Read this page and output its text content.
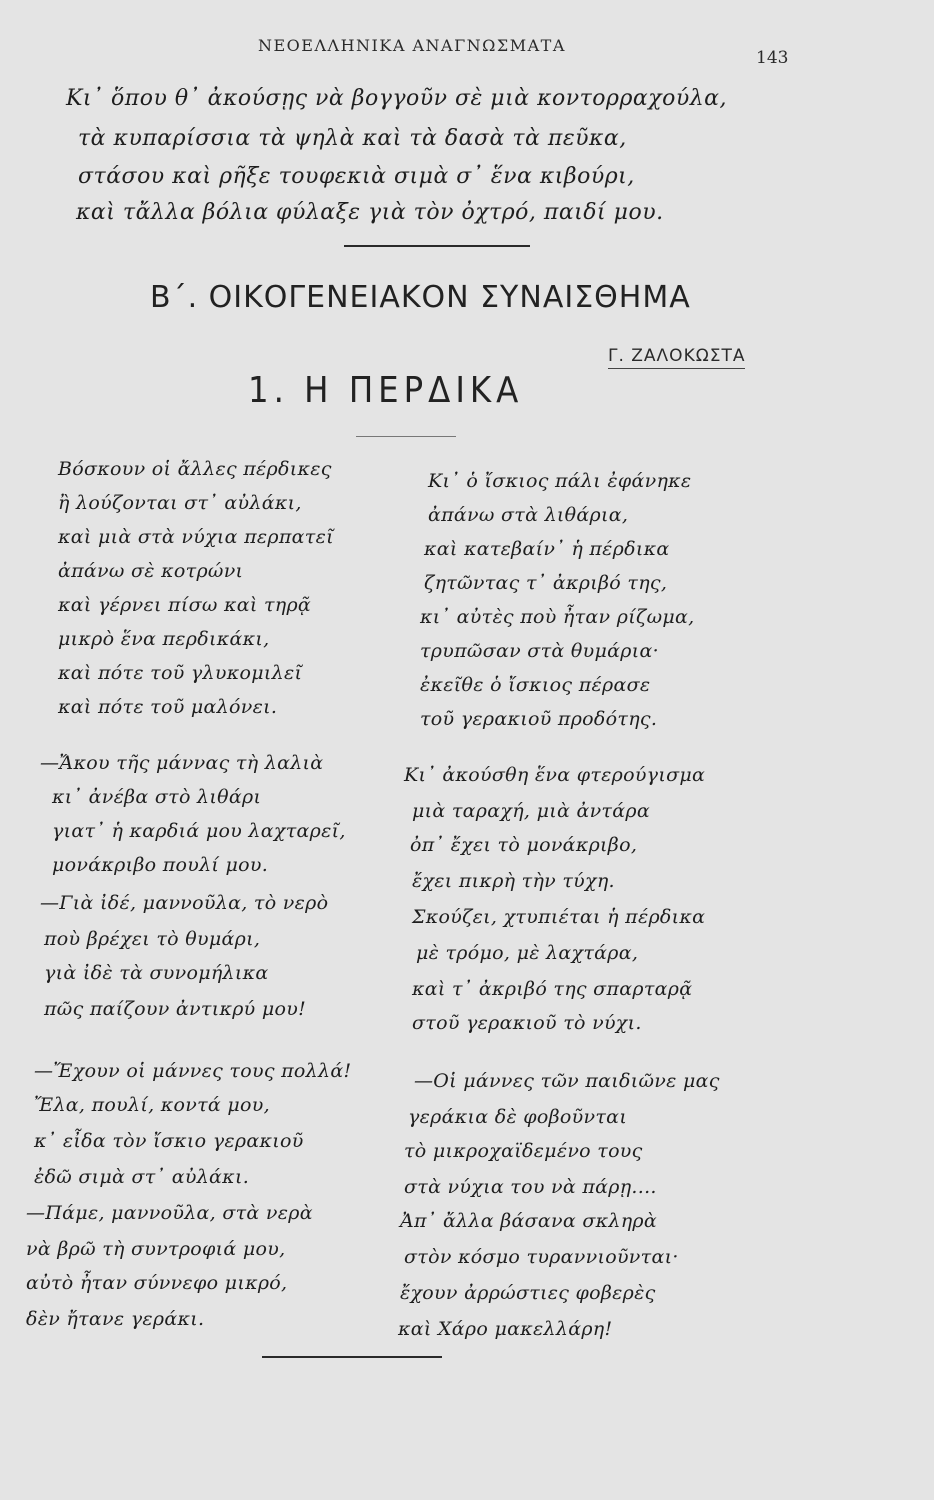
ΝΕΟΕΛΛΗΝΙΚΑ ΑΝΑΓΝΩΣΜΑΤΑ
143
Κι᾽ ὅπου θ᾽ ἀκούσῃς νὰ βογγοῦν σὲ μιὰ κοντορραχούλα,
τὰ κυπαρίσσια τὰ ψηλὰ καὶ τὰ δασὰ τὰ πεῦκα,
στάσου καὶ ρῆξε τουφεκιὰ σιμὰ σ᾽ ἕνα κιβούρι,
καὶ τἄλλα βόλια φύλαξε γιὰ τὸν ὀχτρό, παιδί μου.
Β΄. ΟΙΚΟΓΕΝΕΙΑΚΟΝ ΣΥΝΑΙΣΘΗΜΑ
Γ. ΖΑΛΟΚΩΣΤΑ
1. Η ΠΕΡΔΙΚΑ
Βόσκουν οἱ ἄλλες πέρδικες
ἢ λούζονται στ᾽ αὐλάκι,
καὶ μιὰ στὰ νύχια περπατεῖ
ἀπάνω σὲ κοτρώνι
καὶ γέρνει πίσω καὶ τηρᾷ
μικρὸ ἕνα περδικάκι,
καὶ πότε τοῦ γλυκομιλεῖ
καὶ πότε τοῦ μαλόνει.
—Ἄκου τῆς μάννας τὴ λαλιὰ
κι᾽ ἀνέβα στὸ λιθάρι
γιατ᾽ ἡ καρδιά μου λαχταρεῖ,
μονάκριβο πουλί μου.
—Γιὰ ἰδέ, μαννοῦλα, τὸ νερὸ
ποὺ βρέχει τὸ θυμάρι,
γιὰ ἰδὲ τὰ συνομήλικα
πῶς παίζουν ἀντικρύ μου!
—Ἔχουν οἱ μάννες τους πολλά!
Ἔλα, πουλί, κοντά μου,
κ᾽ εἶδα τὸν ἴσκιο γερακιοῦ
ἐδῶ σιμὰ στ᾽ αὐλάκι.
—Πάμε, μαννοῦλα, στὰ νερὰ
νὰ βρῶ τὴ συντροφιά μου,
αὐτὸ ἦταν σύννεφο μικρό,
δὲν ἤτανε γεράκι.
Κι᾽ ὁ ἴσκιος πάλι ἐφάνηκε
ἀπάνω στὰ λιθάρια,
καὶ κατεβαίν᾽ ἡ πέρδικα
ζητῶντας τ᾽ ἀκριβό της,
κι᾽ αὐτὲς ποὺ ἦταν ρίζωμα,
τρυπῶσαν στὰ θυμάρια·
ἐκεῖθε ὁ ἴσκιος πέρασε
τοῦ γερακιοῦ προδότης.
Κι᾽ ἀκούσθη ἕνα φτερούγισμα
μιὰ ταραχή, μιὰ ἀντάρα
ὀπ᾽ ἔχει τὸ μονάκριβο,
ἔχει πικρὴ τὴν τύχη.
Σκούζει, χτυπιέται ἡ πέρδικα
μὲ τρόμο, μὲ λαχτάρα,
καὶ τ᾽ ἀκριβό της σπαρταρᾷ
στοῦ γερακιοῦ τὸ νύχι.
—Οἱ μάννες τῶν παιδιῶνε μας
γεράκια δὲ φοβοῦνται
τὸ μικροχαϊδεμένο τους
στὰ νύχια του νὰ πάρῃ....
Ἀπ᾽ ἄλλα βάσανα σκληρὰ
στὸν κόσμο τυραννιοῦνται·
ἔχουν ἀρρώστιες φοβερὲς
καὶ Χάρο μακελλάρη!
